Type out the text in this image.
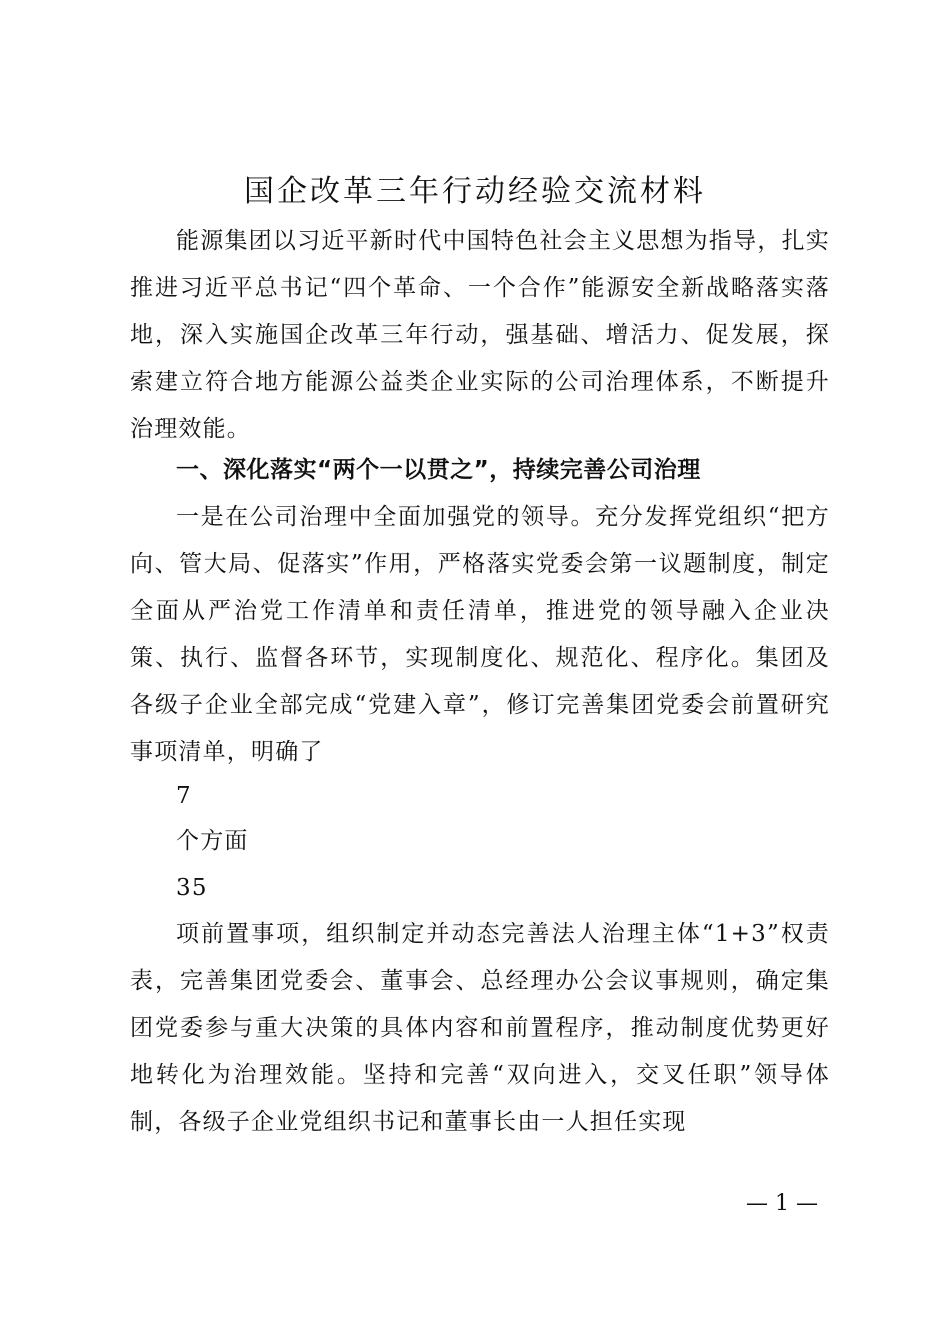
国企改革三年行动经验交流材料

能源集团以习近平新时代中国特色社会主义思想为指导，扎实推进习近平总书记“四个革命、一个合作”能源安全新战略落实落地，深入实施国企改革三年行动，强基础、增活力、促发展，探索建立符合地方能源公益类企业实际的公司治理体系，不断提升治理效能。

一、深化落实“两个一以贯之”，持续完善公司治理

一是在公司治理中全面加强党的领导。充分发挥党组织“把方向、管大局、促落实”作用，严格落实党委会第一议题制度，制定全面从严治党工作清单和责任清单，推进党的领导融入企业决策、执行、监督各环节，实现制度化、规范化、程序化。集团及各级子企业全部完成“党建入章”，修订完善集团党委会前置研究事项清单，明确了

7
个方面
35

项前置事项，组织制定并动态完善法人治理主体“1+3”权责表，完善集团党委会、董事会、总经理办公会议事规则，确定集团党委参与重大决策的具体内容和前置程序，推动制度优势更好地转化为治理效能。坚持和完善“双向进入，交叉任职”领导体制，各级子企业党组织书记和董事长由一人担任实现

— 1 —
